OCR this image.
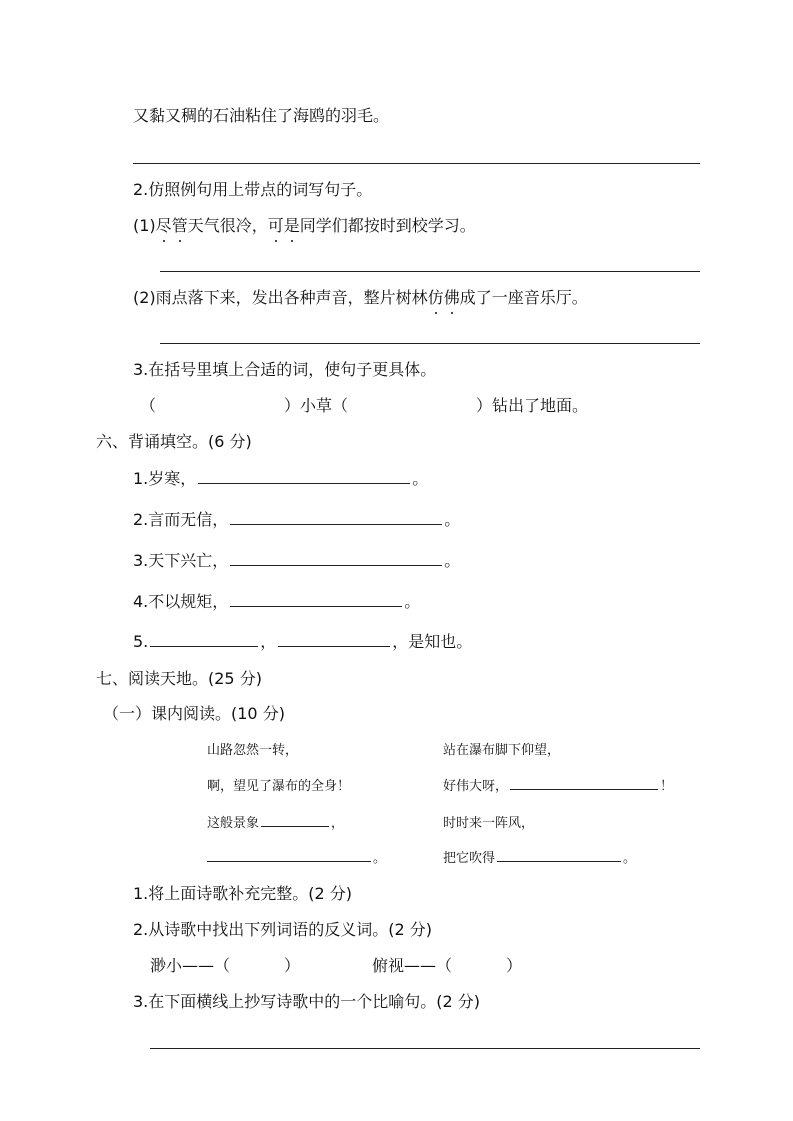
又黏又稠的石油粘住了海鸥的羽毛。
2.仿照例句用上带点的词写句子。
(1)尽管天气很冷，可是同学们都按时到校学习。
(2)雨点落下来，发出各种声音，整片树林仿佛成了一座音乐厅。
3.在括号里填上合适的词，使句子更具体。
（	）小草（	）钻出了地面。
六、背诵填空。(6 分)
1.岁寒，	。
2.言而无信，	。
3.天下兴亡，	。
4.不以规矩，	。
5.	，	，是知也。
七、阅读天地。(25 分)
（一）课内阅读。(10 分)
山路忽然一转，
啊，望见了瀑布的全身！
这般景象	，
。
站在瀑布脚下仰望，
好伟大呀，	！
时时来一阵风，
把它吹得	。
1.将上面诗歌补充完整。(2 分)
2.从诗歌中找出下列词语的反义词。(2 分)
渺小——（	）	俯视——（	）
3.在下面横线上抄写诗歌中的一个比喻句。(2 分)
